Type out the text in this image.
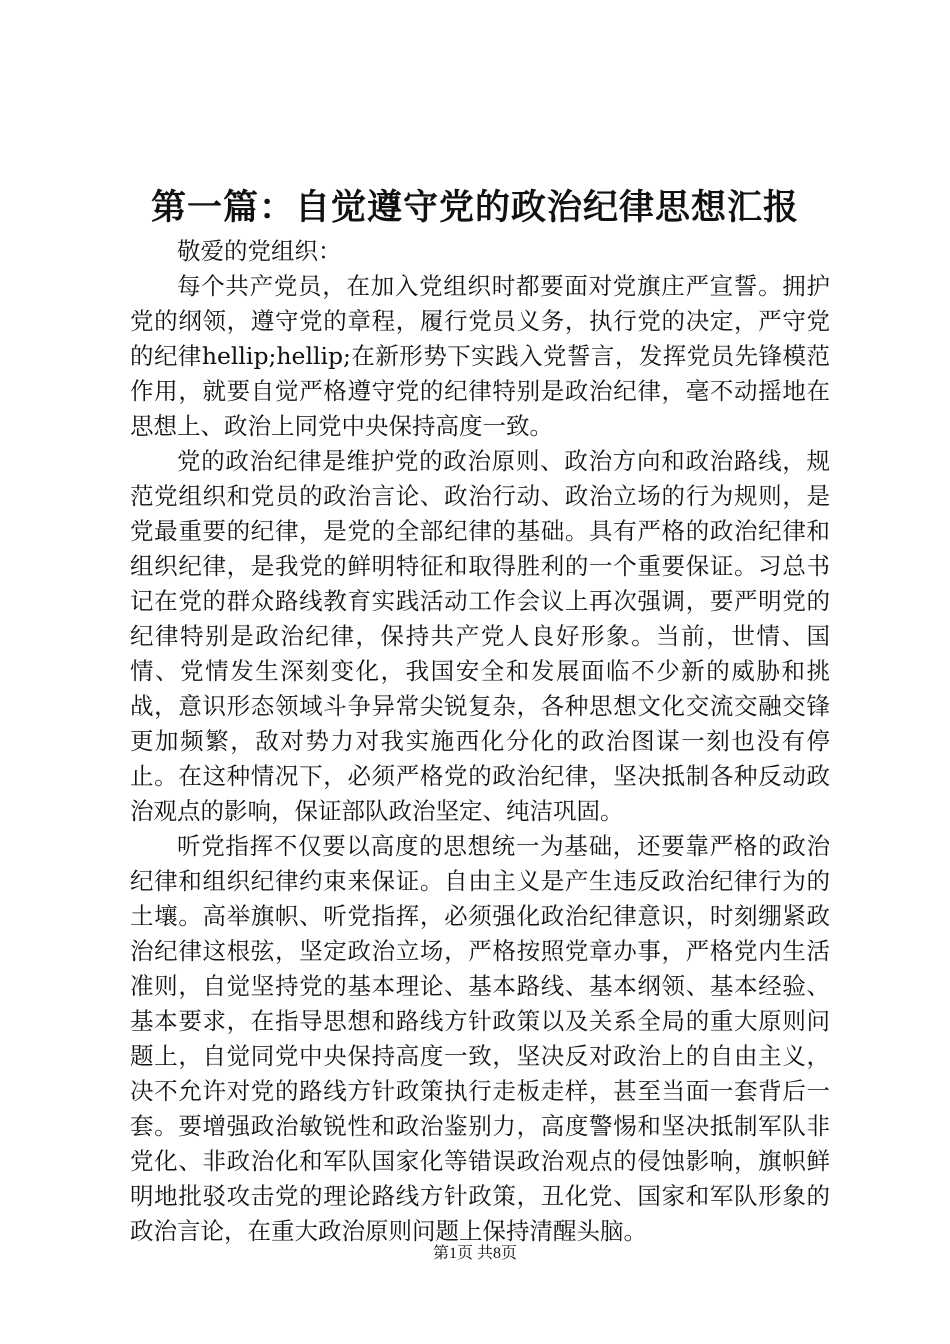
第一篇：自觉遵守党的政治纪律思想汇报

敬爱的党组织：

每个共产党员，在加入党组织时都要面对党旗庄严宣誓。拥护党的纲领，遵守党的章程，履行党员义务，执行党的决定，严守党的纪律hellip;hellip;在新形势下实践入党誓言，发挥党员先锋模范作用，就要自觉严格遵守党的纪律特别是政治纪律，毫不动摇地在思想上、政治上同党中央保持高度一致。

党的政治纪律是维护党的政治原则、政治方向和政治路线，规范党组织和党员的政治言论、政治行动、政治立场的行为规则，是党最重要的纪律，是党的全部纪律的基础。具有严格的政治纪律和组织纪律，是我党的鲜明特征和取得胜利的一个重要保证。习总书记在党的群众路线教育实践活动工作会议上再次强调，要严明党的纪律特别是政治纪律，保持共产党人良好形象。当前，世情、国情、党情发生深刻变化，我国安全和发展面临不少新的威胁和挑战，意识形态领域斗争异常尖锐复杂，各种思想文化交流交融交锋更加频繁，敌对势力对我实施西化分化的政治图谋一刻也没有停止。在这种情况下，必须严格党的政治纪律，坚决抵制各种反动政治观点的影响，保证部队政治坚定、纯洁巩固。

听党指挥不仅要以高度的思想统一为基础，还要靠严格的政治纪律和组织纪律约束来保证。自由主义是产生违反政治纪律行为的土壤。高举旗帜、听党指挥，必须强化政治纪律意识，时刻绷紧政治纪律这根弦，坚定政治立场，严格按照党章办事，严格党内生活准则，自觉坚持党的基本理论、基本路线、基本纲领、基本经验、基本要求，在指导思想和路线方针政策以及关系全局的重大原则问题上，自觉同党中央保持高度一致，坚决反对政治上的自由主义，决不允许对党的路线方针政策执行走板走样，甚至当面一套背后一套。要增强政治敏锐性和政治鉴别力，高度警惕和坚决抵制军队非党化、非政治化和军队国家化等错误政治观点的侵蚀影响，旗帜鲜明地批驳攻击党的理论路线方针政策，丑化党、国家和军队形象的政治言论，在重大政治原则问题上保持清醒头脑。

第1页 共8页
